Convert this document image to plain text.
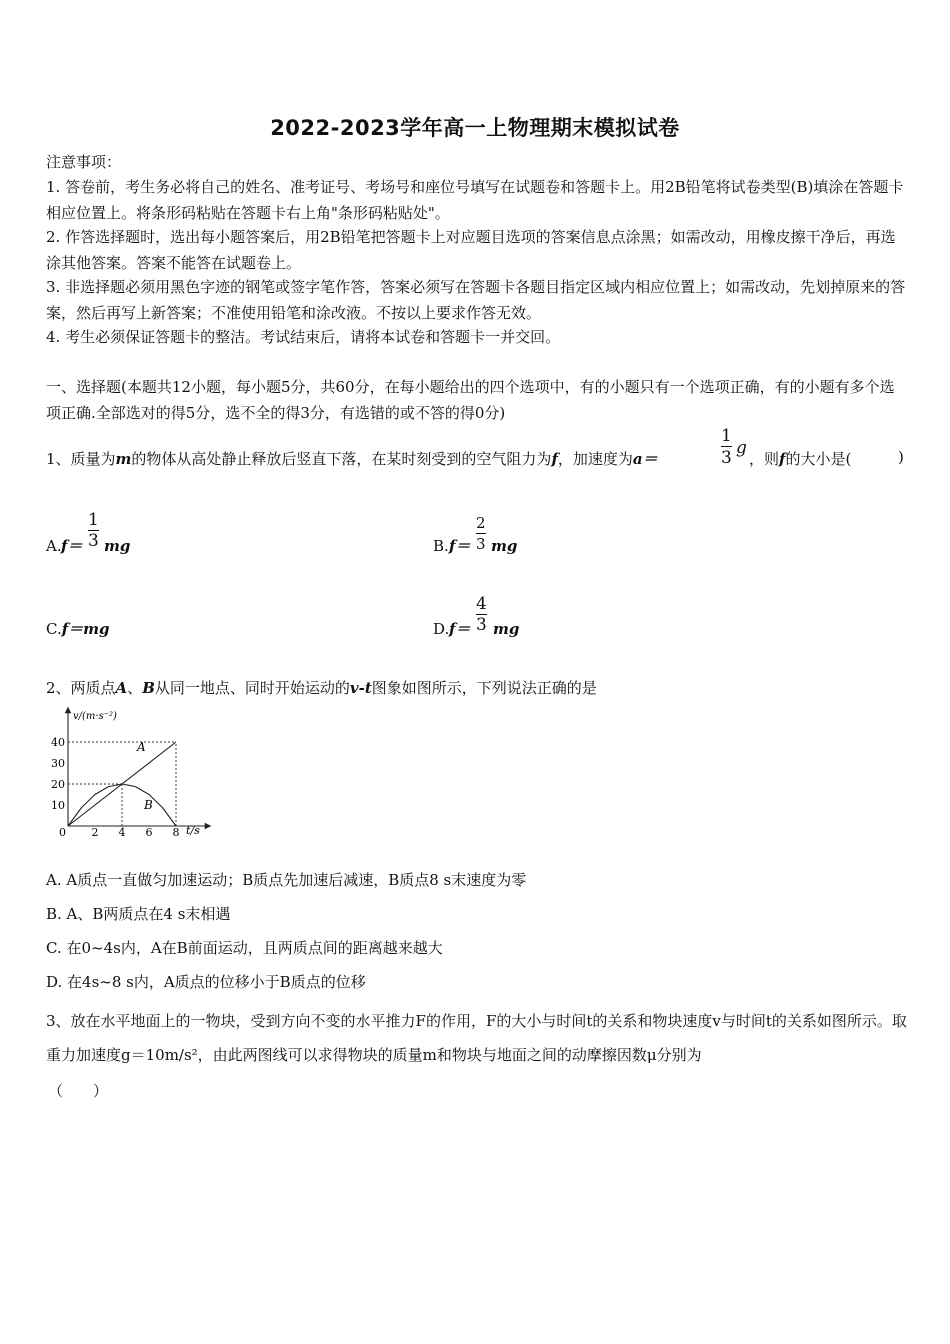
2022-2023学年高一上物理期末模拟试卷
注意事项：
1. 答卷前，考生务必将自己的姓名、准考证号、考场号和座位号填写在试题卷和答题卡上。用2B铅笔将试卷类型(B)填涂在答题卡相应位置上。将条形码粘贴在答题卡右上角"条形码粘贴处"。
2. 作答选择题时，选出每小题答案后，用2B铅笔把答题卡上对应题目选项的答案信息点涂黑；如需改动，用橡皮擦干净后，再选涂其他答案。答案不能答在试题卷上。
3. 非选择题必须用黑色字迹的钢笔或签字笔作答，答案必须写在答题卡各题目指定区域内相应位置上；如需改动，先划掉原来的答案，然后再写上新答案；不准使用铅笔和涂改液。不按以上要求作答无效。
4. 考生必须保证答题卡的整洁。考试结束后，请将本试卷和答题卡一并交回。
一、选择题(本题共12小题，每小题5分，共60分，在每小题给出的四个选项中，有的小题只有一个选项正确，有的小题有多个选项正确.全部选对的得5分，选不全的得3分，有选错的或不答的得0分)
1、质量为m的物体从高处静止释放后竖直下落，在某时刻受到的空气阻力为f，加速度为a＝	$\frac{1}{3}$ g
，则f的大小是(	)
A. $f= \frac{1}{3}$ mg	B. $f= \frac{2}{3}$ mg
C.f＝mg	D. $f= \frac{4}{3}$ mg
2、两质点A、B从同一地点、同时开始运动的v-t图象如图所示，下列说法正确的是
0 2 4 6 8
10
20
30
40
v/(m·s⁻²)
t/s
A
B
A. A质点一直做匀加速运动；B质点先加速后减速，B质点8 s末速度为零
B. A、B两质点在4 s末相遇
C. 在0~4s内，A在B前面运动，且两质点间的距离越来越大
D. 在4s~8 s内，A质点的位移小于B质点的位移
3、放在水平地面上的一物块，受到方向不变的水平推力F的作用，F的大小与时间t的关系和物块速度v与时间t的关系如图所示。取重力加速度g＝10m/s²，由此两图线可以求得物块的质量m和物块与地面之间的动摩擦因数μ分别为
（　　）
